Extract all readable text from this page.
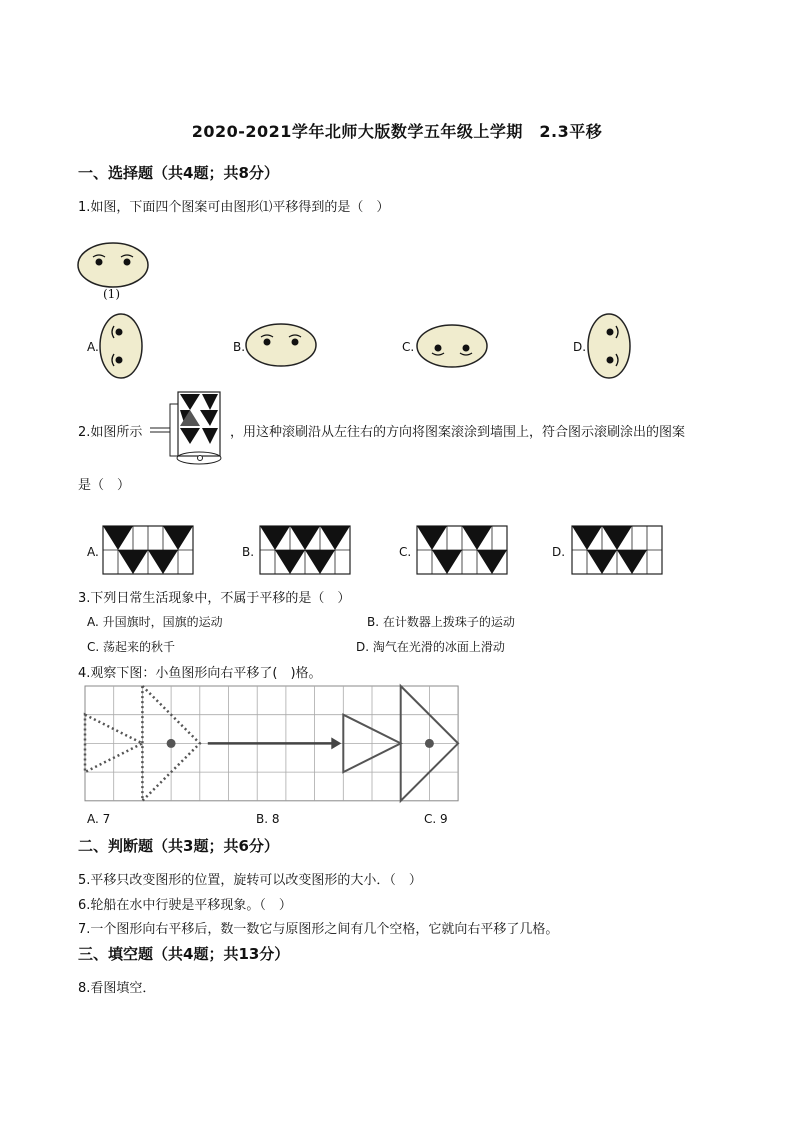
2020-2021学年北师大版数学五年级上学期　2.3平移
一、选择题（共4题；共8分）
1.如图，下面四个图案可由图形⑴平移得到的是（　）
(1)
A.	B.	C.	D.
2.如图所示	，用这种滚刷沿从左往右的方向将图案滚涂到墙围上，符合图示滚刷涂出的图案
是（　）
A.	B.	C.	D.
3.下列日常生活现象中，不属于平移的是（　）
A. 升国旗时，国旗的运动	B. 在计数器上拨珠子的运动
C. 荡起来的秋千	D. 淘气在光滑的冰面上滑动
4.观察下图：小鱼图形向右平移了(　)格。
A. 7	B. 8	C. 9
二、判断题（共3题；共6分）
5.平移只改变图形的位置，旋转可以改变图形的大小．（　）
6.轮船在水中行驶是平移现象。（　）
7.一个图形向右平移后，数一数它与原图形之间有几个空格，它就向右平移了几格。
三、填空题（共4题；共13分）
8.看图填空．
